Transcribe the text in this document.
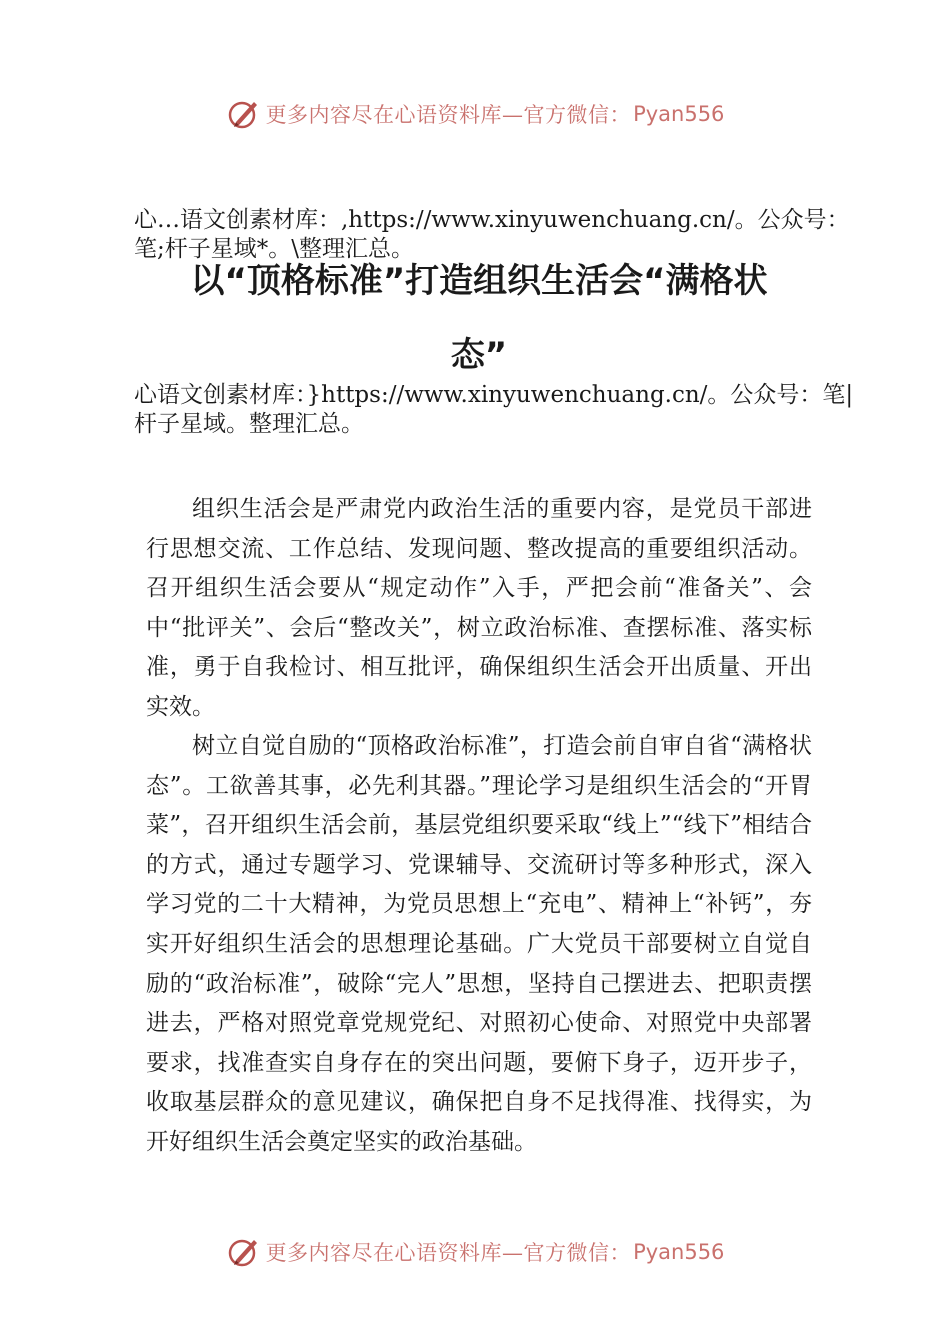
更多内容尽在心语资料库—官方微信： Pyan556
心…语文创素材库：,https://www.xinyuwenchuang.cn/。公众号：笔;杆子星域*。\整理汇总。
以“顶格标准”打造组织生活会“满格状
态”
心语文创素材库：}https://www.xinyuwenchuang.cn/。公众号：笔|杆子星域。整理汇总。

组织生活会是严肃党内政治生活的重要内容，是党员干部进行思想交流、工作总结、发现问题、整改提高的重要组织活动。召开组织生活会要从“规定动作”入手，严把会前“准备关”、会中“批评关”、会后“整改关”，树立政治标准、查摆标准、落实标准，勇于自我检讨、相互批评，确保组织生活会开出质量、开出实效。

树立自觉自励的“顶格政治标准”，打造会前自审自省“满格状态”。工欲善其事，必先利其器。”理论学习是组织生活会的“开胃菜”，召开组织生活会前，基层党组织要采取“线上”“线下”相结合的方式，通过专题学习、党课辅导、交流研讨等多种形式，深入学习党的二十大精神，为党员思想上“充电”、精神上“补钙”，夯实开好组织生活会的思想理论基础。广大党员干部要树立自觉自励的“政治标准”，破除“完人”思想，坚持自己摆进去、把职责摆进去，严格对照党章党规党纪、对照初心使命、对照党中央部署要求，找准查实自身存在的突出问题，要俯下身子，迈开步子，收取基层群众的意见建议，确保把自身不足找得准、找得实，为开好组织生活会奠定坚实的政治基础。

更多内容尽在心语资料库—官方微信： Pyan556
